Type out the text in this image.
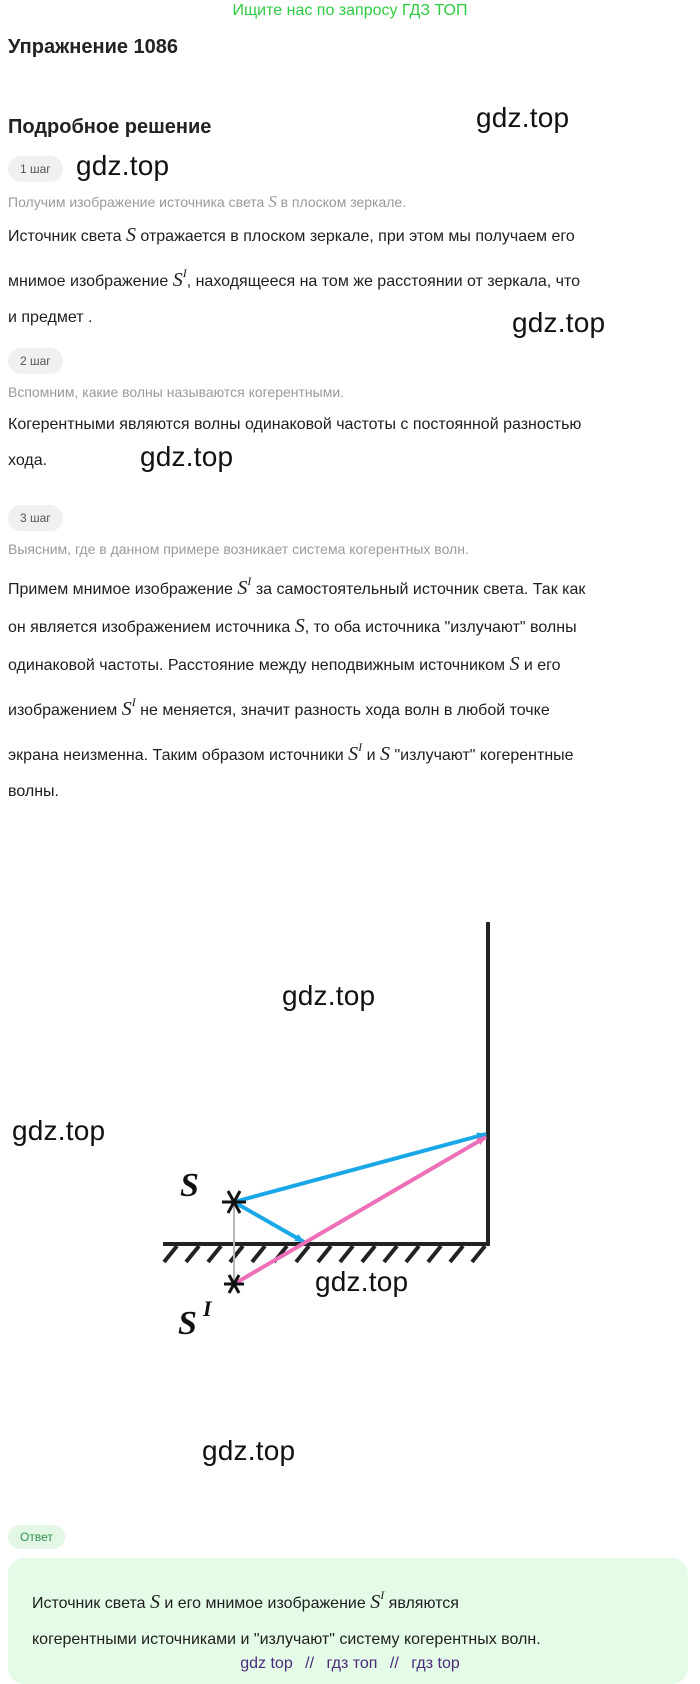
Ищите нас по запросу ГДЗ ТОП
Упражнение 1086
Подробное решение	gdz.top
gdz.top
gdz.top
gdz.top
gdz.top
gdz.top
gdz.top
gdz.top
1 шаг
Получим изображение источника света S в плоском зеркале.
Источник света S отражается в плоском зеркале, при этом мы получаем его
мнимое изображение $S^I$, находящееся на том же расстоянии от зеркала, что
и предмет .
2 шаг
Вспомним, какие волны называются когерентными.
Когерентными являются волны одинаковой частоты с постоянной разностью
хода.
3 шаг
Выясним, где в данном примере возникает система когерентных волн.
Примем мнимое изображение $S^I$ за самостоятельный источник света. Так как
он является изображением источника S, то оба источника "излучают" волны
одинаковой частоты. Расстояние между неподвижным источником S и его
изображением $S^I$ не меняется, значит разность хода волн в любой точке
экрана неизменна. Таким образом источники $S^I$ и S "излучают" когерентные
волны.
S
S I
Ответ
Источник света S и его мнимое изображение $S^I$ являются
когерентными источниками и "излучают" систему когерентных волн.
gdz top // гдз топ // гдз top
